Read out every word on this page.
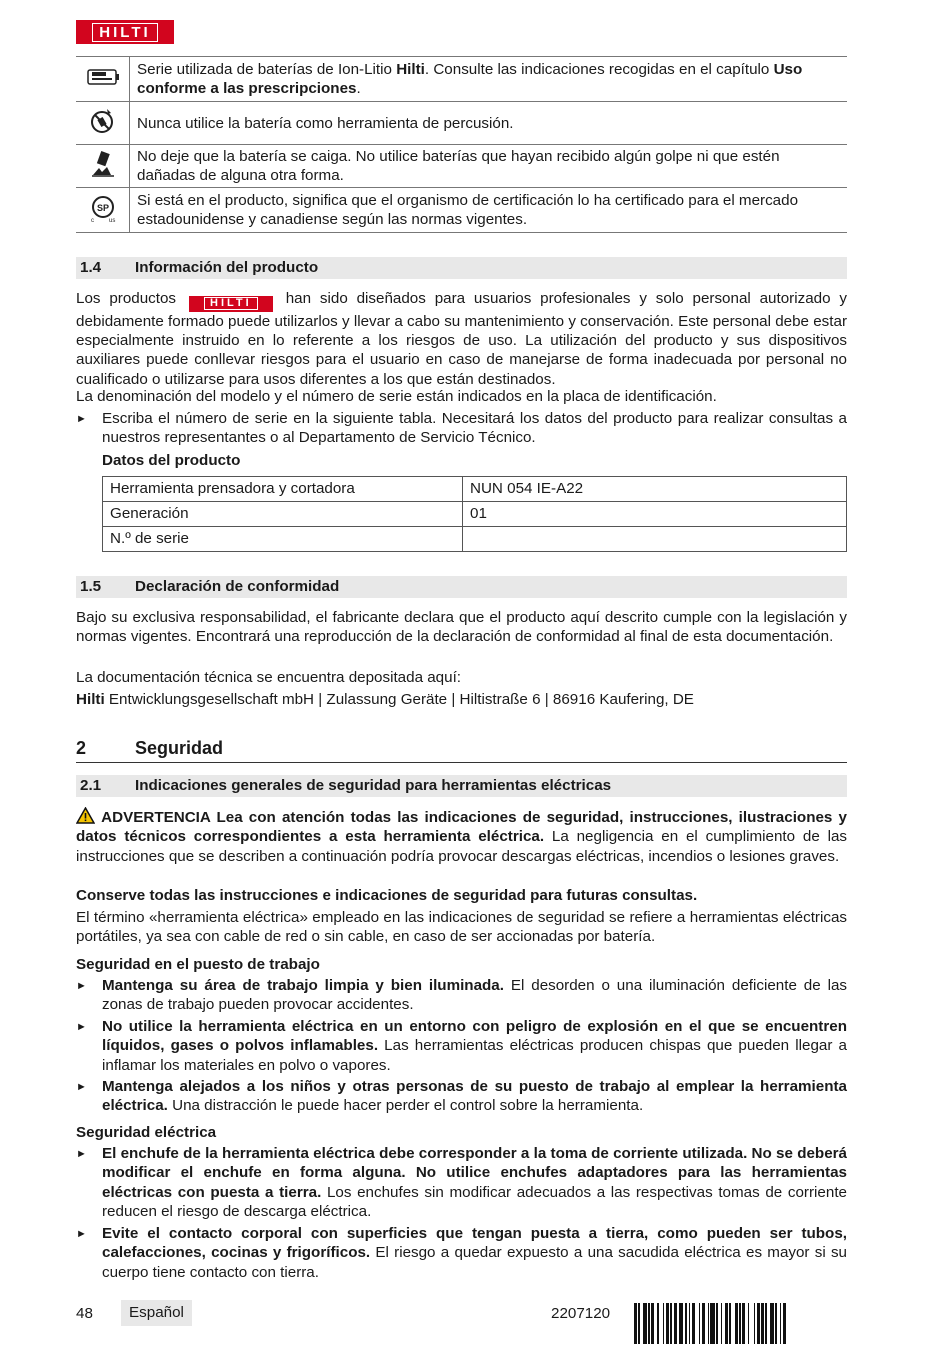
HILTI
	Serie utilizada de baterías de Ion-Litio Hilti. Consulte las indicaciones recogidas en el capítulo Uso conforme a las prescripciones.
	Nunca utilice la batería como herramienta de percusión.
	No deje que la batería se caiga. No utilice baterías que hayan recibido algún golpe ni que estén dañadas de alguna otra forma.

SP
c us	Si está en el producto, significa que el organismo de certificación lo ha certificado para el mercado estadounidense y canadiense según las normas vigentes.
1.4 Información del producto
Los productos	HILTI	han sido diseñados para usuarios profesionales y solo personal autorizado y debidamente formado puede utilizarlos y llevar a cabo su mantenimiento y conservación. Este personal debe estar especialmente instruido en lo referente a los riesgos de uso. La utilización del producto y sus dispositivos auxiliares puede conllevar riesgos para el usuario en caso de manejarse de forma inadecuada por personal no cualificado o utilizarse para usos diferentes a los que están destinados.
La denominación del modelo y el número de serie están indicados en la placa de identificación.
► Escriba el número de serie en la siguiente tabla. Necesitará los datos del producto para realizar consultas a nuestros representantes o al Departamento de Servicio Técnico.
Datos del producto
Herramienta prensadora y cortadora	NUN 054 IE-A22
Generación	01
N.º de serie	
1.5 Declaración de conformidad
Bajo su exclusiva responsabilidad, el fabricante declara que el producto aquí descrito cumple con la legislación y normas vigentes. Encontrará una reproducción de la declaración de conformidad al final de esta documentación.
La documentación técnica se encuentra depositada aquí:
Hilti Entwicklungsgesellschaft mbH | Zulassung Geräte | Hiltistraße 6 | 86916 Kaufering, DE
2	Seguridad
2.1 Indicaciones generales de seguridad para herramientas eléctricas
ADVERTENCIA Lea con atención todas las indicaciones de seguridad, instrucciones, ilustraciones y datos técnicos correspondientes a esta herramienta eléctrica. La negligencia en el cumplimiento de las instrucciones que se describen a continuación podría provocar descargas eléctricas, incendios o lesiones graves.
Conserve todas las instrucciones e indicaciones de seguridad para futuras consultas.
El término «herramienta eléctrica» empleado en las indicaciones de seguridad se refiere a herramientas eléctricas portátiles, ya sea con cable de red o sin cable, en caso de ser accionadas por batería.
Seguridad en el puesto de trabajo
► Mantenga su área de trabajo limpia y bien iluminada. El desorden o una iluminación deficiente de las zonas de trabajo pueden provocar accidentes.
► No utilice la herramienta eléctrica en un entorno con peligro de explosión en el que se encuentren líquidos, gases o polvos inflamables. Las herramientas eléctricas producen chispas que pueden llegar a inflamar los materiales en polvo o vapores.
► Mantenga alejados a los niños y otras personas de su puesto de trabajo al emplear la herramienta eléctrica. Una distracción le puede hacer perder el control sobre la herramienta.
Seguridad eléctrica
► El enchufe de la herramienta eléctrica debe corresponder a la toma de corriente utilizada. No se deberá modificar el enchufe en forma alguna. No utilice enchufes adaptadores para las herramientas eléctricas con puesta a tierra. Los enchufes sin modificar adecuados a las respectivas tomas de corriente reducen el riesgo de descarga eléctrica.
► Evite el contacto corporal con superficies que tengan puesta a tierra, como pueden ser tubos, calefacciones, cocinas y frigoríficos. El riesgo a quedar expuesto a una sacudida eléctrica es mayor si su cuerpo tiene contacto con tierra.
48	Español	2207120
